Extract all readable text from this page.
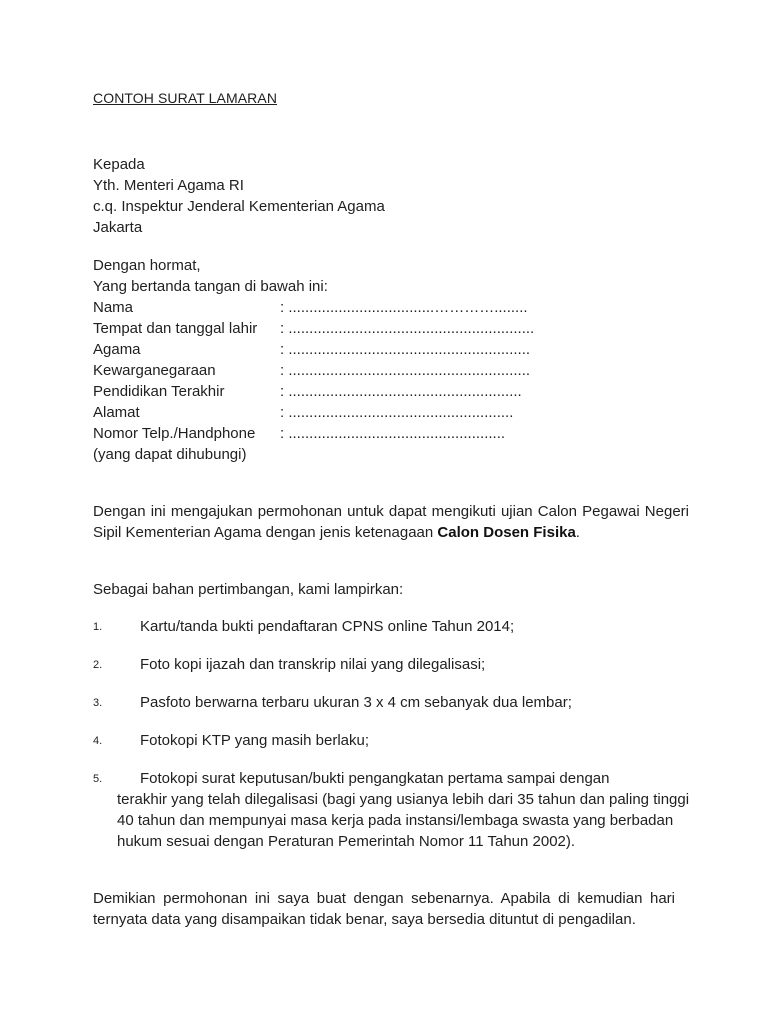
CONTOH SURAT LAMARAN

Kepada
Yth. Menteri Agama RI
c.q. Inspektur Jenderal Kementerian Agama
Jakarta
Dengan hormat,
Yang bertanda tangan di bawah ini:
Nama	: ...................................…………........
Tempat dan tanggal lahir	: ...........................................................
Agama	: ..........................................................
Kewarganegaraan	: ..........................................................
Pendidikan Terakhir	: ........................................................
Alamat	: ......................................................
Nomor Telp./Handphone	: ....................................................
(yang dapat dihubungi)

Dengan ini mengajukan permohonan untuk dapat mengikuti ujian Calon Pegawai Negeri Sipil Kementerian Agama dengan jenis ketenagaan Calon Dosen Fisika.

Sebagai bahan pertimbangan, kami lampirkan:

1.	Kartu/tanda bukti pendaftaran CPNS online Tahun 2014;
2.	Foto kopi ijazah dan transkrip nilai yang dilegalisasi;
3.	Pasfoto berwarna terbaru ukuran 3 x 4 cm sebanyak dua lembar;
4.	Fotokopi KTP yang masih berlaku;
5.	Fotokopi surat keputusan/bukti pengangkatan pertama sampai dengan
terakhir yang telah dilegalisasi (bagi yang usianya lebih dari 35 tahun dan paling tinggi 40 tahun dan mempunyai masa kerja pada instansi/lembaga swasta yang berbadan hukum sesuai dengan Peraturan Pemerintah Nomor 11 Tahun 2002).

Demikian permohonan ini saya buat dengan sebenarnya. Apabila di kemudian hari ternyata data yang disampaikan tidak benar, saya bersedia dituntut di pengadilan.
